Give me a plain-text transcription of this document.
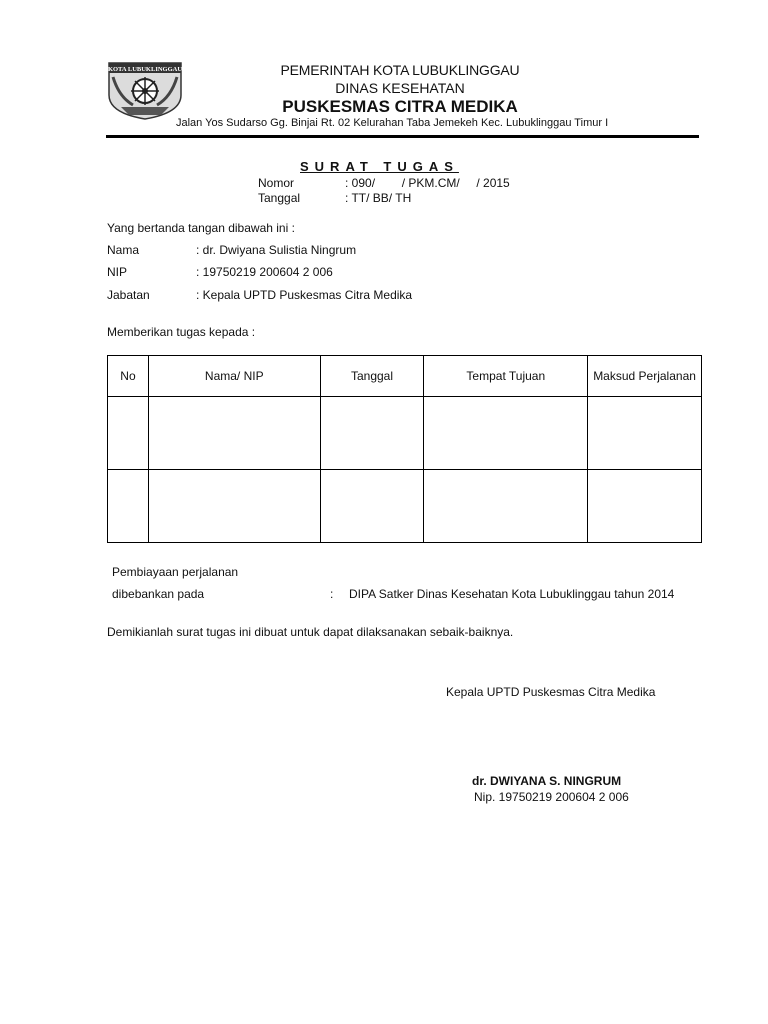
KOTA LUBUKLINGGAU	PEMERINTAH KOTA LUBUKLINGGAU
DINAS KESEHATAN
PUSKESMAS CITRA MEDIKA
Jalan Yos Sudarso Gg. Binjai Rt. 02 Kelurahan Taba Jemekeh Kec. Lubuklinggau Timur I
SURAT TUGAS
Nomor	: 090/        / PKM.CM/     / 2015
Tanggal	: TT/ BB/ TH
Yang bertanda tangan dibawah ini :
Nama	: dr. Dwiyana Sulistia Ningrum
NIP	: 19750219 200604 2 006
Jabatan	: Kepala UPTD Puskesmas Citra Medika
Memberikan tugas kepada :
No	Nama/ NIP	Tanggal	Tempat Tujuan	Maksud Perjalanan

Pembiayaan perjalanan
dibebankan pada	: DIPA Satker Dinas Kesehatan Kota Lubuklinggau tahun 2014
Demikianlah surat tugas ini dibuat untuk dapat dilaksanakan sebaik-baiknya.
Kepala UPTD Puskesmas Citra Medika
dr. DWIYANA S. NINGRUM
Nip. 19750219 200604 2 006
